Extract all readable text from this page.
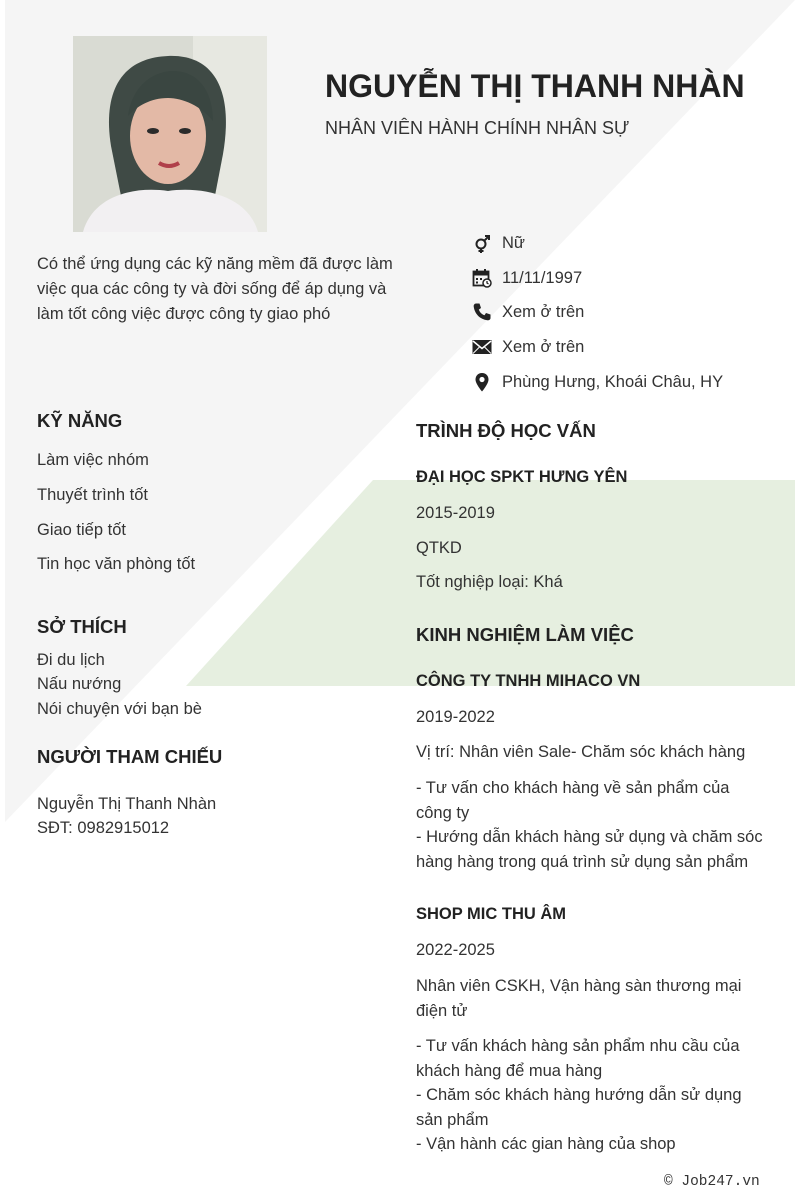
NGUYỄN THỊ THANH NHÀN
NHÂN VIÊN HÀNH CHÍNH NHÂN SỰ
Có thể ứng dụng các kỹ năng mềm đã được làm việc qua các công ty và đời sống để áp dụng và làm tốt công việc được công ty giao phó
Nữ
11/11/1997
Xem ở trên
Xem ở trên
Phùng Hưng, Khoái Châu, HY
KỸ NĂNG
Làm việc nhóm
Thuyết trình tốt
Giao tiếp tốt
Tin học văn phòng tốt
SỞ THÍCH
Đi du lịch
Nấu nướng
Nói chuyện với bạn bè
NGƯỜI THAM CHIẾU
Nguyễn Thị Thanh Nhàn
SĐT: 0982915012
TRÌNH ĐỘ HỌC VẤN
ĐẠI HỌC SPKT HƯNG YÊN
2015-2019
QTKD
Tốt nghiệp loại: Khá
KINH NGHIỆM LÀM VIỆC
CÔNG TY TNHH MIHACO VN
2019-2022
Vị trí: Nhân viên Sale- Chăm sóc khách hàng
- Tư vấn cho khách hàng về sản phẩm của công ty
- Hướng dẫn khách hàng sử dụng và chăm sóc hàng hàng trong quá trình sử dụng sản phẩm
SHOP MIC THU ÂM
2022-2025
Nhân viên CSKH, Vận hàng sàn thương mại điện tử
- Tư vấn khách hàng sản phẩm nhu cầu của khách hàng để mua hàng
- Chăm sóc khách hàng hướng dẫn sử dụng sản phẩm
- Vận hành các gian hàng của shop
© Job247.vn
